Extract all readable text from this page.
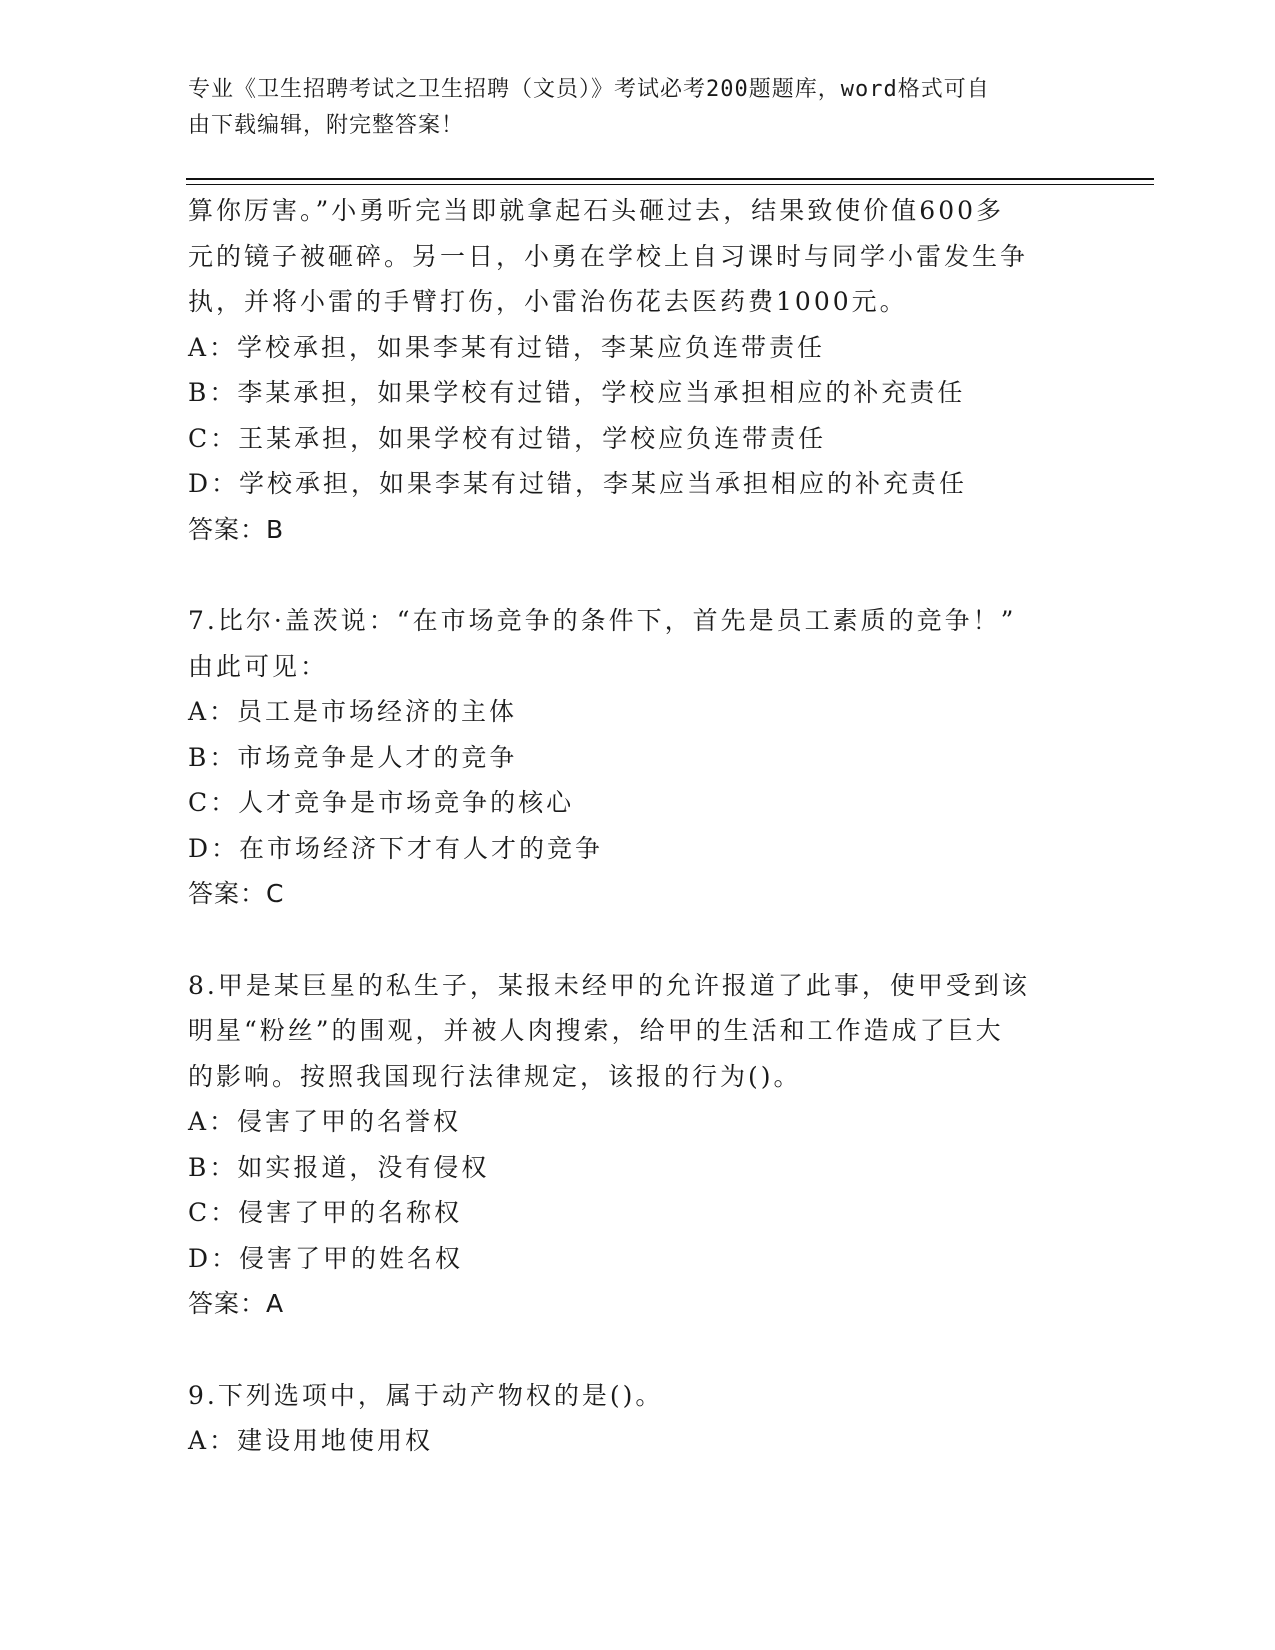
专业《卫生招聘考试之卫生招聘（文员）》考试必考200题题库，word格式可自
由下载编辑，附完整答案！
算你厉害。”小勇听完当即就拿起石头砸过去，结果致使价值600多
元的镜子被砸碎。另一日，小勇在学校上自习课时与同学小雷发生争
执，并将小雷的手臂打伤，小雷治伤花去医药费1000元。
A：学校承担，如果李某有过错，李某应负连带责任
B：李某承担，如果学校有过错，学校应当承担相应的补充责任
C：王某承担，如果学校有过错，学校应负连带责任
D：学校承担，如果李某有过错，李某应当承担相应的补充责任
答案：B
7.比尔·盖茨说：“在市场竞争的条件下，首先是员工素质的竞争！”
由此可见：
A：员工是市场经济的主体
B：市场竞争是人才的竞争
C：人才竞争是市场竞争的核心
D：在市场经济下才有人才的竞争
答案：C
8.甲是某巨星的私生子，某报未经甲的允许报道了此事，使甲受到该
明星“粉丝”的围观，并被人肉搜索，给甲的生活和工作造成了巨大
的影响。按照我国现行法律规定，该报的行为()。
A：侵害了甲的名誉权
B：如实报道，没有侵权
C：侵害了甲的名称权
D：侵害了甲的姓名权
答案：A
9.下列选项中，属于动产物权的是()。
A：建设用地使用权
